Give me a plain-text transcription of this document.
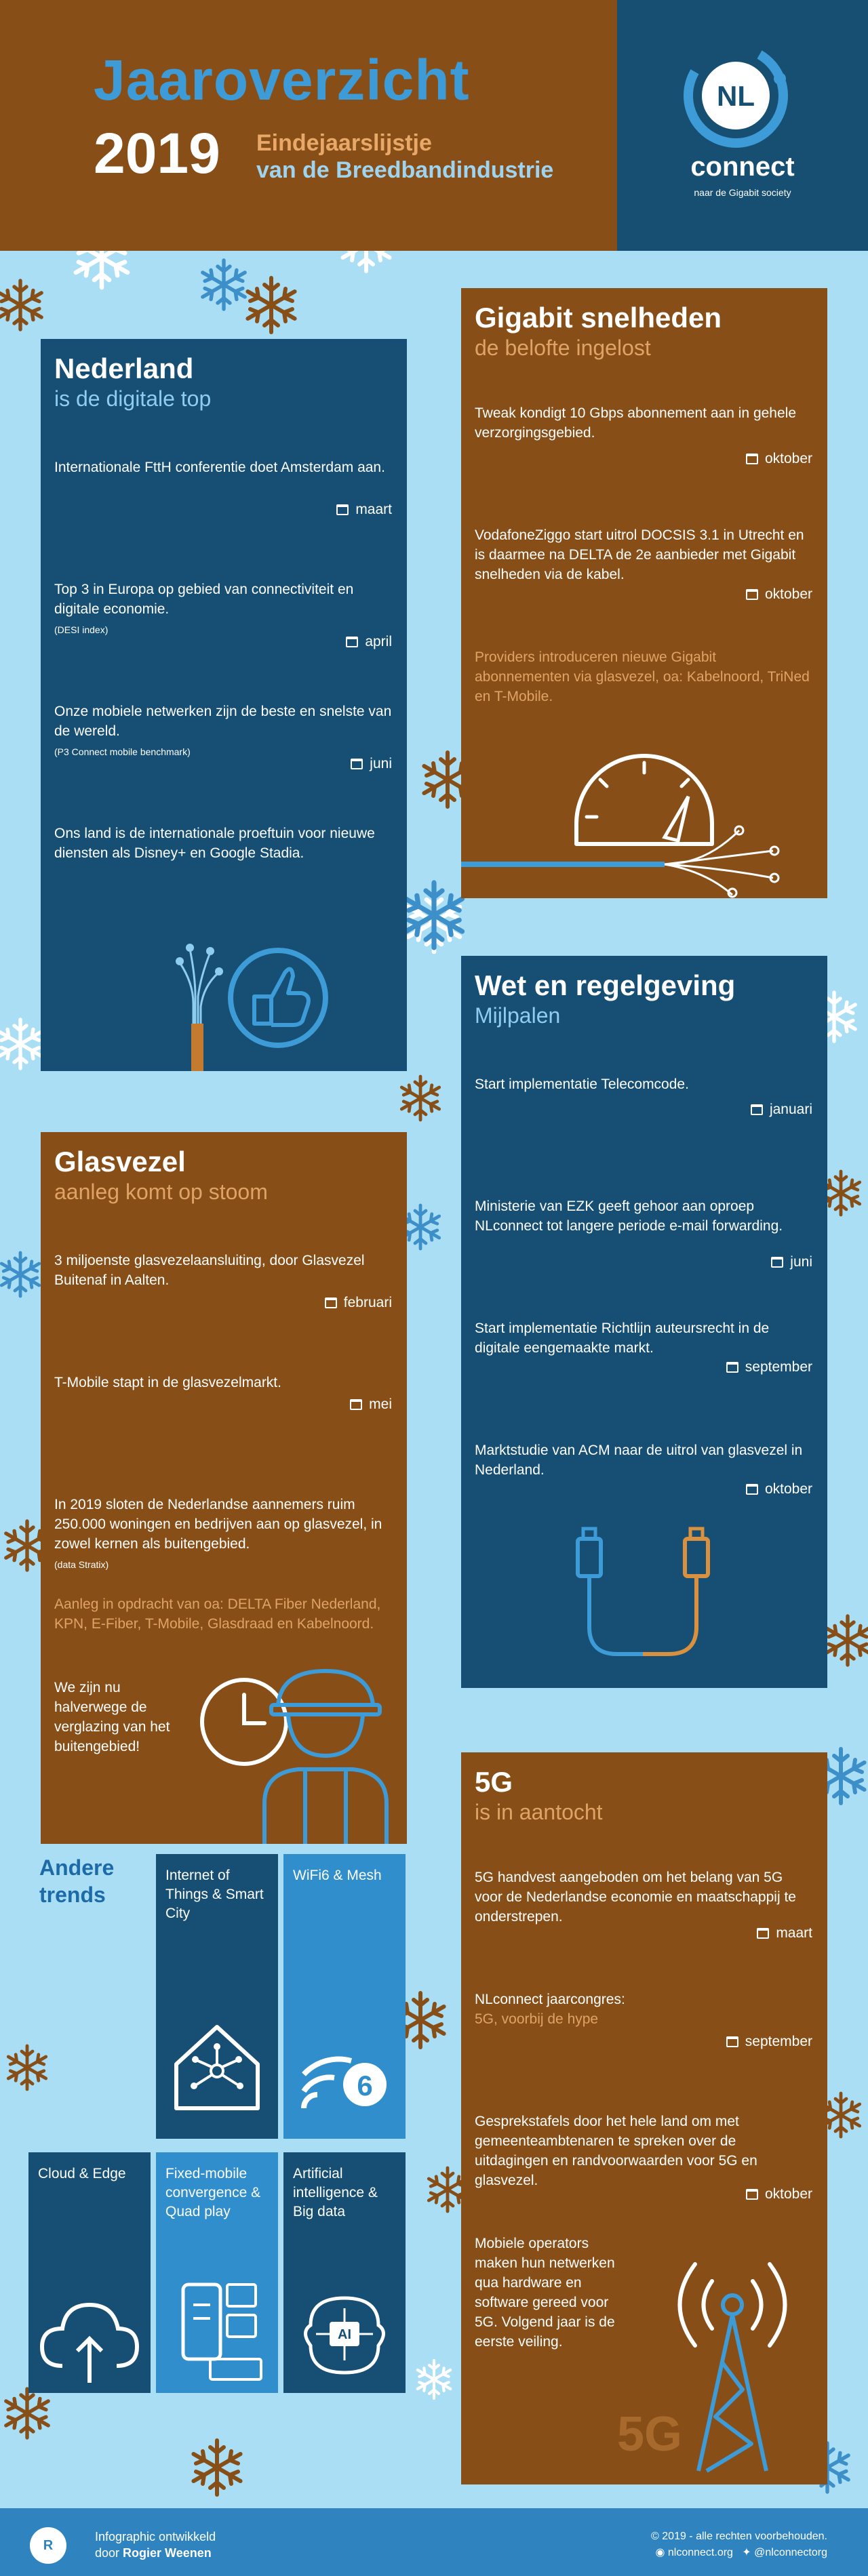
Jaaroverzicht
2019 Eindejaarslijstje
van de Breedbandindustrie
NL
connect
naar de Gigabit society
Nederland
is de digitale top
Internationale FttH conferentie doet Amsterdam aan.
maart
Top 3 in Europa op gebied van connectiviteit en digitale economie.
(DESI index)
april
Onze mobiele netwerken zijn de beste en snelste van de wereld.
(P3 Connect mobile benchmark)
juni
Ons land is de internationale proeftuin voor nieuwe diensten als Disney+ en Google Stadia.
Gigabit snelheden
de belofte ingelost
Tweak kondigt 10 Gbps abonnement aan in gehele verzorgingsgebied.
oktober
VodafoneZiggo start uitrol DOCSIS 3.1 in Utrecht en is daarmee na DELTA de 2e aanbieder met Gigabit snelheden via de kabel.
oktober
Providers introduceren nieuwe Gigabit abonnementen via glasvezel, oa: Kabelnoord, TriNed en T-Mobile.
Wet en regelgeving
Mijlpalen
Start implementatie Telecomcode.
januari
Ministerie van EZK geeft gehoor aan oproep NLconnect tot langere periode e-mail forwarding.
juni
Start implementatie Richtlijn auteursrecht in de digitale eengemaakte markt.
september
Marktstudie van ACM naar de uitrol van glasvezel in Nederland.
oktober
Glasvezel
aanleg komt op stoom
3 miljoenste glasvezelaansluiting, door Glasvezel Buitenaf in Aalten.
februari
T-Mobile stapt in de glasvezelmarkt.
mei
In 2019 sloten de Nederlandse aannemers ruim 250.000 woningen en bedrijven aan op glasvezel, in zowel kernen als buitengebied.
(data Stratix)
Aanleg in opdracht van oa: DELTA Fiber Nederland, KPN, E-Fiber, T-Mobile, Glasdraad en Kabelnoord.
We zijn nu halverwege de verglazing van het buitengebied!
5G
is in aantocht
5G handvest aangeboden om het belang van 5G voor de Nederlandse economie en maatschappij te onderstrepen.
maart
NLconnect jaarcongres:
5G, voorbij de hype
september
Gesprekstafels door het hele land om met gemeenteambtenaren te spreken over de uitdagingen en randvoorwaarden voor 5G en glasvezel.
oktober
Mobiele operators maken hun netwerken qua hardware en software gereed voor 5G. Volgend jaar is de eerste veiling.
5G
Andere
trends
Internet of Things & Smart City
WiFi6 & Mesh
6
Cloud & Edge	Fixed-mobile convergence & Quad play
Artificial intelligence & Big data
AI
R
Infographic ontwikkeld
door Rogier Weenen
© 2019 - alle rechten voorbehouden.
◉ nlconnect.org ✦ @nlconnectorg
